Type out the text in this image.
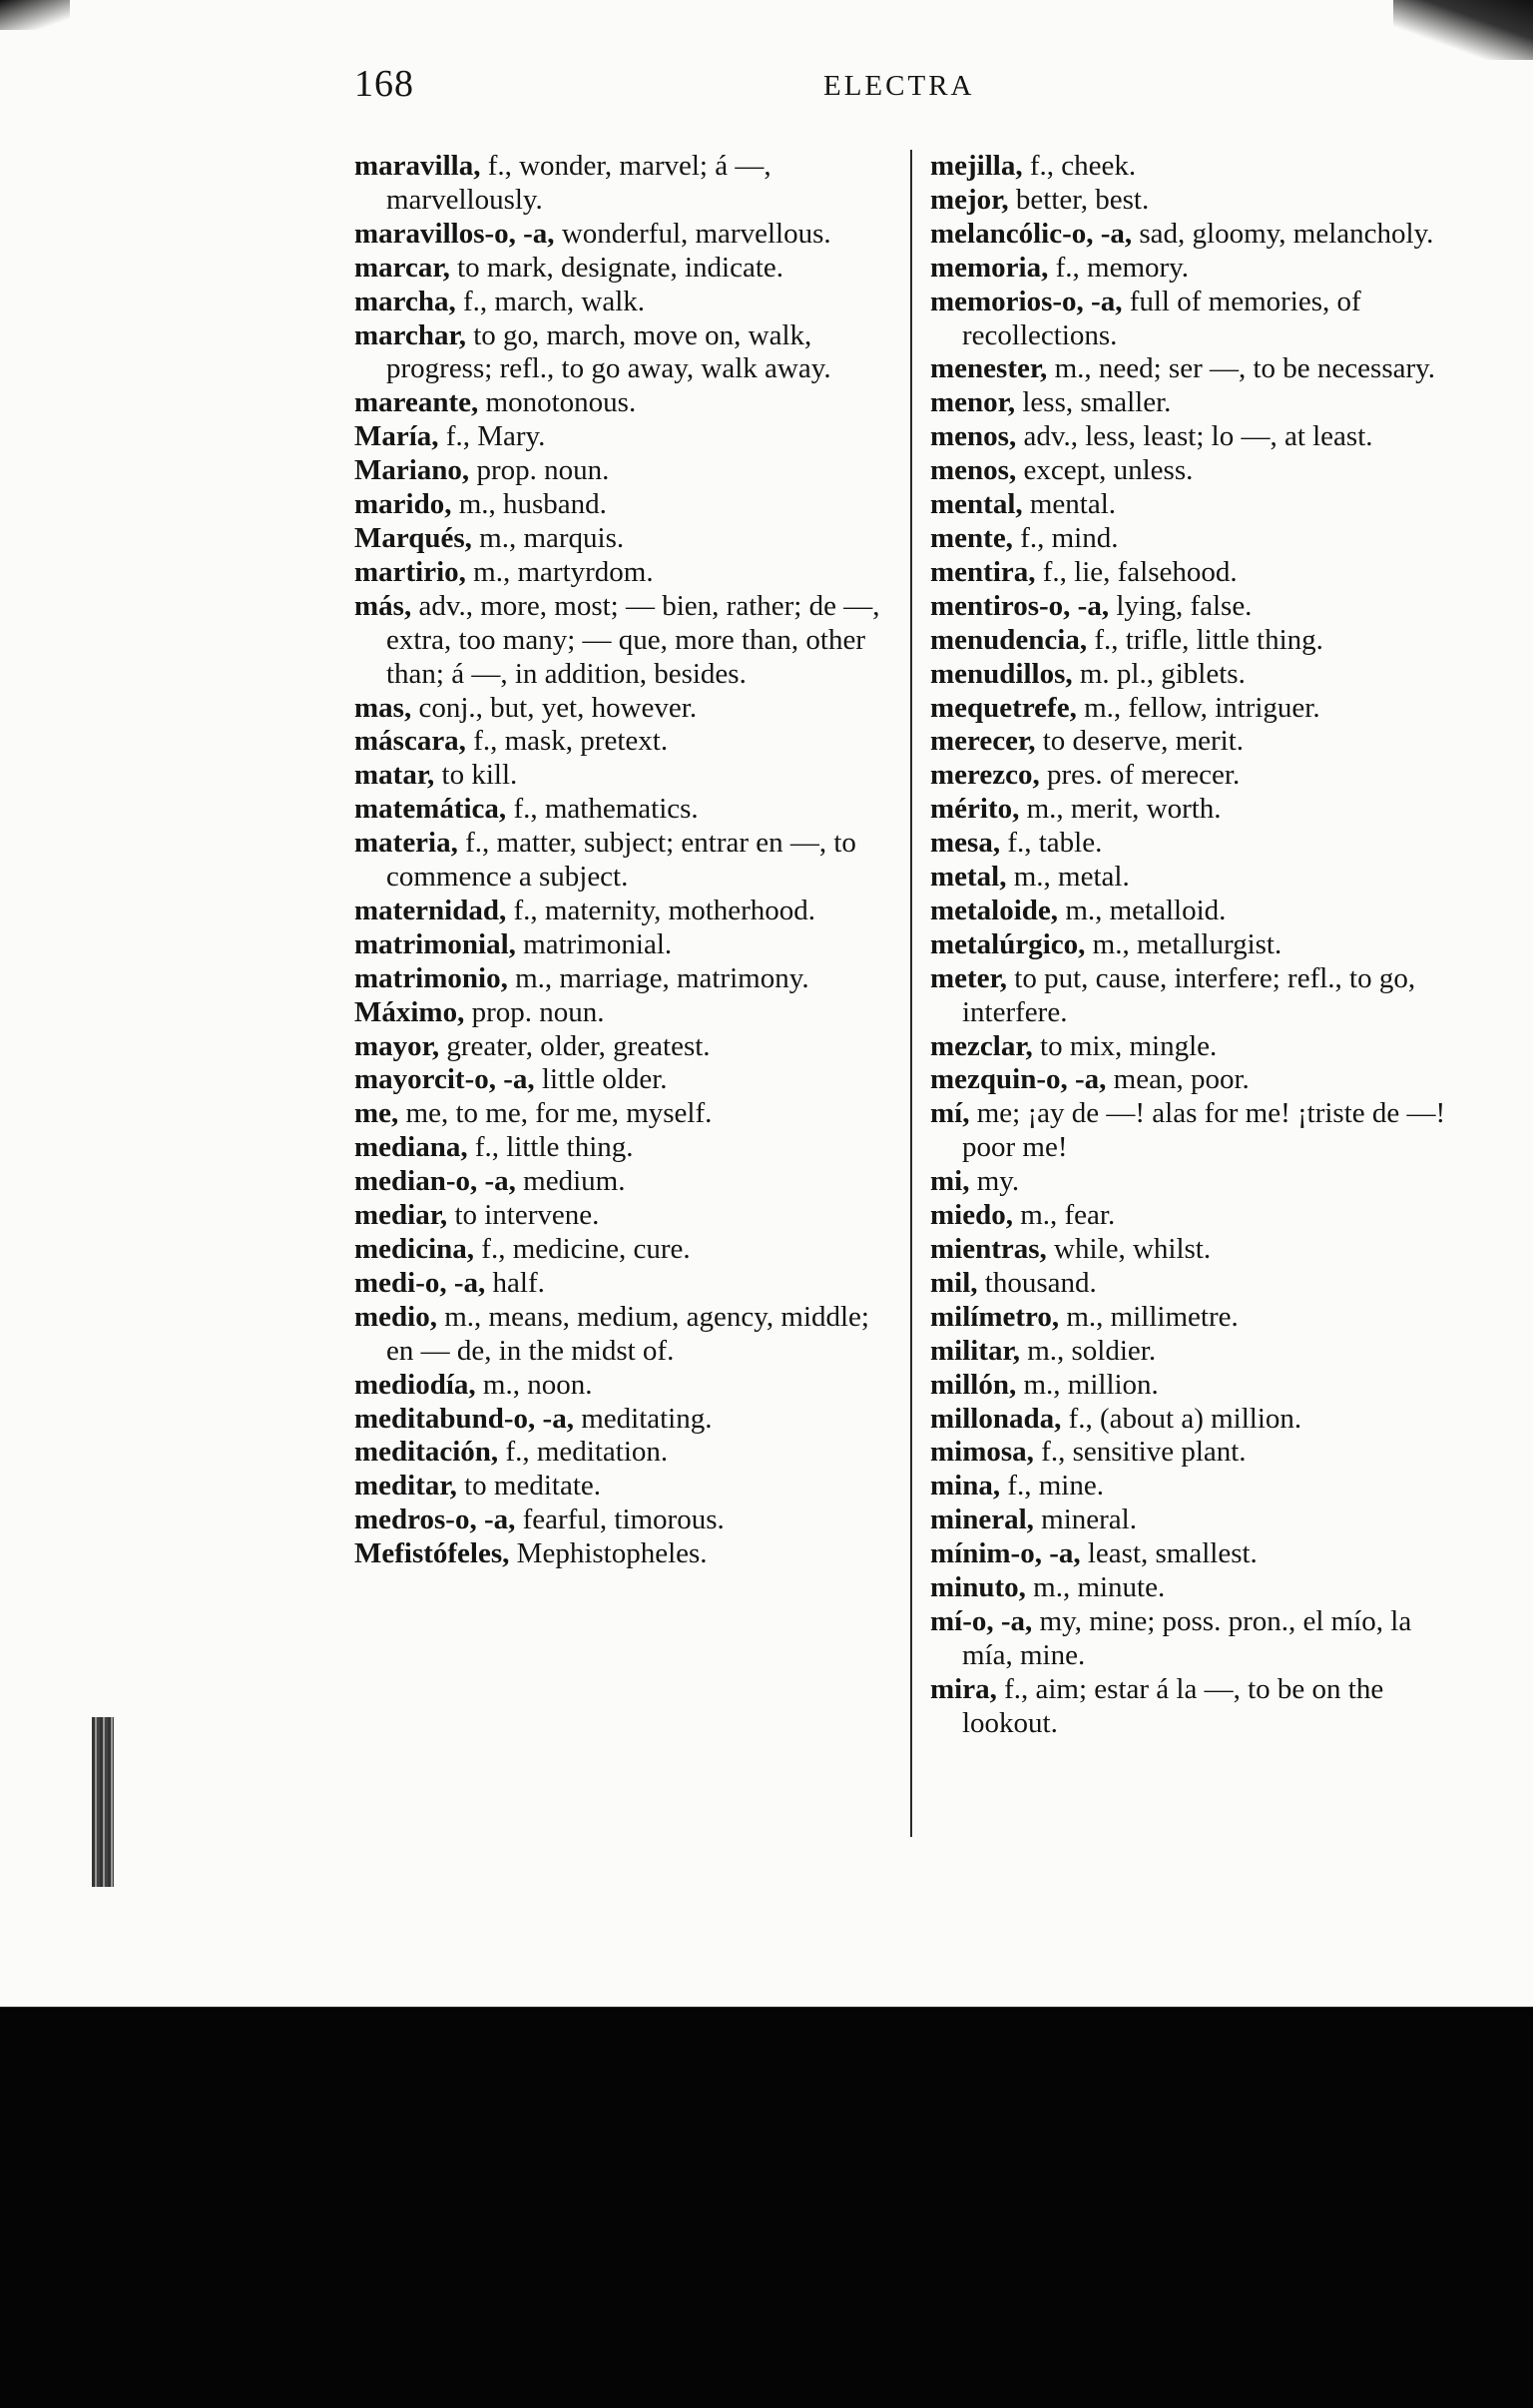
168	ELECTRA

maravilla, f., wonder, marvel; á —, marvellously.

maravillos-o, -a, wonderful, marvellous.

marcar, to mark, designate, indicate.

marcha, f., march, walk.

marchar, to go, march, move on, walk, progress; refl., to go away, walk away.

mareante, monotonous.

María, f., Mary.

Mariano, prop. noun.

marido, m., husband.

Marqués, m., marquis.

martirio, m., martyrdom.

más, adv., more, most; — bien, rather; de —, extra, too many; — que, more than, other than; á —, in addition, besides.

mas, conj., but, yet, however.

máscara, f., mask, pretext.

matar, to kill.

matemática, f., mathematics.

materia, f., matter, subject; entrar en —, to commence a subject.

maternidad, f., maternity, motherhood.

matrimonial, matrimonial.

matrimonio, m., marriage, matrimony.

Máximo, prop. noun.

mayor, greater, older, greatest.

mayorcit-o, -a, little older.

me, me, to me, for me, myself.

mediana, f., little thing.

median-o, -a, medium.

mediar, to intervene.

medicina, f., medicine, cure.

medi-o, -a, half.

medio, m., means, medium, agency, middle; en — de, in the midst of.

mediodía, m., noon.

meditabund-o, -a, meditating.

meditación, f., meditation.

meditar, to meditate.

medros-o, -a, fearful, timorous.

Mefistófeles, Mephistopheles.

mejilla, f., cheek.

mejor, better, best.

melancólic-o, -a, sad, gloomy, melancholy.

memoria, f., memory.

memorios-o, -a, full of memories, of recollections.

menester, m., need; ser —, to be necessary.

menor, less, smaller.

menos, adv., less, least; lo —, at least.

menos, except, unless.

mental, mental.

mente, f., mind.

mentira, f., lie, falsehood.

mentiros-o, -a, lying, false.

menudencia, f., trifle, little thing.

menudillos, m. pl., giblets.

mequetrefe, m., fellow, intriguer.

merecer, to deserve, merit.

merezco, pres. of merecer.

mérito, m., merit, worth.

mesa, f., table.

metal, m., metal.

metaloide, m., metalloid.

metalúrgico, m., metallurgist.

meter, to put, cause, interfere; refl., to go, interfere.

mezclar, to mix, mingle.

mezquin-o, -a, mean, poor.

mí, me; ¡ay de —! alas for me! ¡triste de —! poor me!

mi, my.

miedo, m., fear.

mientras, while, whilst.

mil, thousand.

milímetro, m., millimetre.

militar, m., soldier.

millón, m., million.

millonada, f., (about a) million.

mimosa, f., sensitive plant.

mina, f., mine.

mineral, mineral.

mínim-o, -a, least, smallest.

minuto, m., minute.

mí-o, -a, my, mine; poss. pron., el mío, la mía, mine.

mira, f., aim; estar á la —, to be on the lookout.
